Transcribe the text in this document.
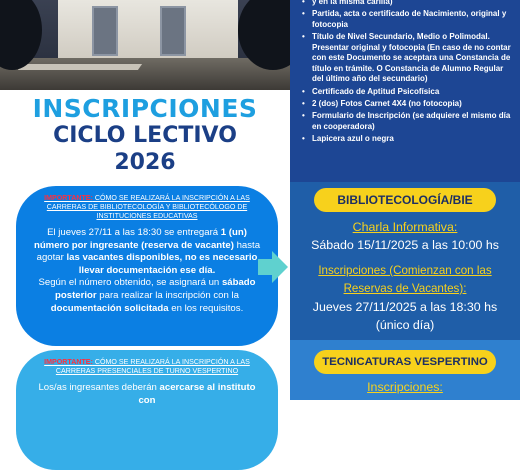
INSCRIPCIONES
CICLO LECTIVO
2026
IMPORTANTE: CÓMO SE REALIZARÁ LA INSCRIPCIÓN A LAS CARRERAS DE BIBLIOTECOLOGÍA Y BIBLIOTECÓLOGO DE INSTITUCIONES EDUCATIVAS
El jueves 27/11 a las 18:30 se entregará 1 (un) número por ingresante (reserva de vacante) hasta agotar las vacantes disponibles, no es necesario llevar documentación ese día.
Según el número obtenido, se asignará un sábado posterior para realizar la inscripción con la documentación solicitada en los requisitos.
IMPORTANTE: CÓMO SE REALIZARÁ LA INSCRIPCIÓN A LAS CARRERAS PRESENCIALES DE TURNO VESPERTINO
Los/as ingresantes deberán acercarse al instituto con
• y en la misma carilla)
• Partida, acta o certificado de Nacimiento, original y fotocopia
• Título de Nivel Secundario, Medio o Polimodal. Presentar original y fotocopia (En caso de no contar con este Documento se aceptara una Constancia de título en trámite. O Constancia de Alumno Regular del último año del secundario)
• Certificado de Aptitud Psicofísica
• 2 (dos) Fotos Carnet 4X4 (no fotocopia)
• Formulario de Inscripción (se adquiere el mismo día en cooperadora)
• Lapicera azul o negra
BIBLIOTECOLOGÍA/BIE
Charla Informativa:
Sábado 15/11/2025 a las 10:00 hs
Inscripciones (Comienzan con las
Reservas de Vacantes):
Jueves 27/11/2025 a las 18:30 hs
(único día)
TECNICATURAS VESPERTINO
Inscripciones:
